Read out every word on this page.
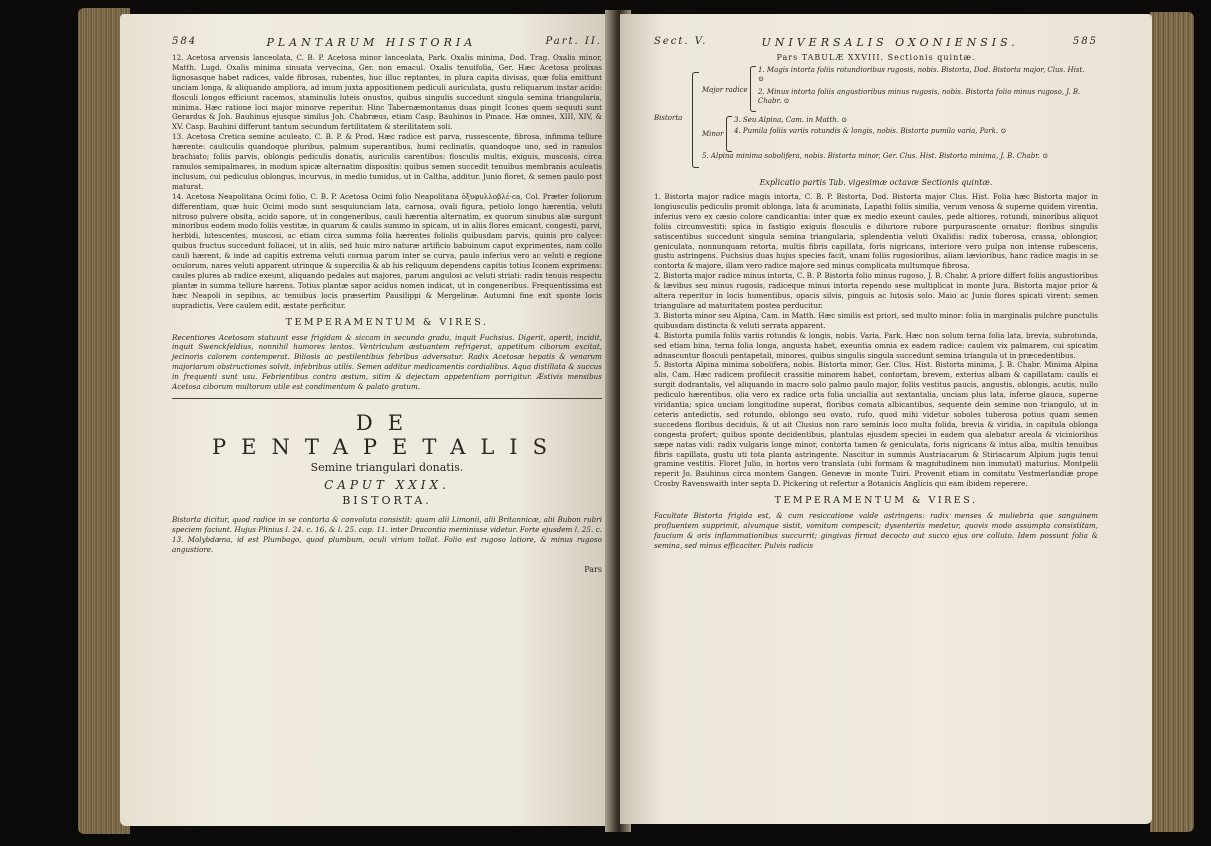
584	PLANTARUM HISTORIA	Part. II.

12. Acetosa arvensis lanceolata, C. B. P. Acetosa minor lanceolata, Park. Oxalis minima, Dod. Trag. Oxalis minor, Matth. Lugd. Oxalis minima sinuata vervecina, Ger. non emacul. Oxalis tenuifolia, Ger. Hæc Acetosa prolixas lignosasque habet radices, valde fibrosas, rubentes, huc illuc reptantes, in plura capita divisas, quæ folia emittunt unciam longa, & aliquando ampliora, ad imum juxta appositionem pediculi auriculata, gustu reliquarum instar acido: flosculi longos efficiunt racemos, staminulis luteis onustos, quibus singulis succedunt singula semina triangularia, minima. Hæc ratione loci major minorve reperitur. Hinc Tabernæmontanus duas pingit Icones quem sequuti sunt Gerardus & Joh. Bauhinus ejusque similus Joh. Chabræus, etiam Casp. Bauhinus in Pinace. Hæ omnes, XIII, XIV, & XV. Casp. Bauhini differunt tantum secundum fertilitatem & sterilitatem soli.

13. Acetosa Cretica semine aculeato, C. B. P. & Prod. Hæc radice est parva, russescente, fibrosa, infimma tellure hærente: cauliculis quandoque pluribus, palmum superantibus, humi reclinatis, quandoque uno, sed in ramulos brachiato; foliis parvis, oblongis pediculis donatis, auriculis carentibus: flosculis multis, exiguis, muscosis, circa ramulos semipalmares, in modum spicæ alternatim dispositis: quibus semen succedit tenuibus membranis aculeatis inclusum, cui pediculus oblongus, incurvus, in medio tumidus, ut in Caltha, additur. Junio floret, & semen paulo post maturat.

14. Acetosa Neapolitana Ocimi folio, C. B. P. Acetosa Ocimi folio Neapolitana ὀξυφυλλοβλέ-ca, Col. Præter foliorum differentiam, quæ huic Ocimi modo sunt sesquiunciam lata, carnosa, ovali figura, petiolo longo hærentia, veluti nitroso pulvere obsita, acido sapore, ut in congeneribus, cauli hærentia alternatim, ex quorum sinubus alæ surgunt minoribus eodem modo foliis vestitæ, in quarum & caulis summo in spicam, ut in aliis flores emicant, congesti, parvi, herbidi, lutescentes, muscosi, ac etiam circa summa folia hærentes foliolis quibusdam parvis, quinis pro calyce: quibus fructus succedunt foliacei, ut in aliis, sed huic miro naturæ artificio babuinum caput exprimentes, nam collo cauli hærent, & inde ad capitis extrema veluti cornua parum inter se curva, paulo inferius vero ac veluti e regione oculorum, nares veluti apparent utrinque & supercilia & ab his reliquum dependens capitis totius Iconem exprimens: caules plures ab radice exeunt, aliquando pedales aut majores, parum angulosi ac veluti striati: radix tenuis respectu plantæ in summa tellure hærens. Totius plantæ sapor acidus nomen indicat, ut in congeneribus. Frequentissima est hæc Neapoli in sepibus, ac tenuibus locis præsertim Pausilippi & Mergelinæ. Autumni fine exit sponte locis supradictis, Vere caulem edit, æstate perficitur.

TEMPERAMENTUM & VIRES.

Recentiores Acetosam statuunt esse frigidam & siccam in secundo gradu, inquit Fuchsius. Digerit, aperit, incidit, inquit Swenckfeldius, nonnihil humores lentos. Ventriculum æstuantem refrigerat, appetitum ciborum excitat, jecinoris calorem contemperat. Biliosis ac pestilentibus febribus adversatur. Radix Acetosæ hepatis & venarum majoriarum obstructiones solvit, infebribus utilis. Semen additur medicamentis cordialibus. Aqua distillata & succus in frequenti sunt usu. Febrientibus contra æstum, sitim & dejectam appetentiam porrigitur. Æstivis mensibus Acetosa ciborum multorum utile est condimentum & palato gratum.

DE PENTAPETALIS
Semine triangulari donatis.
CAPUT XXIX.
BISTORTA.

Bistorta dicitur, quod radice in se contorta & convoluta consistit: quam alii Limonii, alii Britannicæ, alii Bubon rubri speciem faciunt. Hujus Plinius l. 24. c. 16. & l. 25. cap. 11. inter Dracontia meminisse videtur. Forte ejusdem l. 25. c. 13. Molybdæna, id est Plumbago, quod plumbum, oculi virium tollat. Folio est rugoso latiore, & minus rugoso angustiore.

Pars
Sect. V.	UNIVERSALIS OXONIENSIS.	585
Pars TABULÆ XXVIII. Sectionis quintæ.
Bistorta
Major radice
1. Magis intorta foliis rotundioribus rugosis, nobis. Bistorta, Dod. Bistorta major, Clus. Hist. ⊙
2. Minus intorta foliis angustioribus minus rugosis, nobis. Bistorta folio minus rugoso, J. B. Chabr. ⊙
Minor
3. Seu Alpina, Cam. in Matth. ⊙
4. Pumila foliis variis rotundis & longis, nobis. Bistorta pumila varia, Park. ⊙
5. Alpina minima sobolifera, nobis. Bistorta minor, Ger. Clus. Hist. Bistorta minima, J. B. Chabr. ⊙
Explicatio partis Tab. vigesimæ octavæ Sectionis quintæ.

1. Bistorta major radice magis intorta, C. B. P. Bistorta, Dod. Bistorta major Clus. Hist. Folia hæc Bistorta major in longiusculis pediculis promit oblonga, lata & acuminata, Lapathi foliis similia, verum venosa & superne quidem virentia, inferius vero ex cæsio colore candicantia: inter quæ ex medio exeunt caules, pede altiores, rotundi, minoribus aliquot foliis circumvestiti: spica in fastigio exiguis flosculis e diluriore rubore purpurascente ornatur: floribus singulis satiscentibus succedunt singula semina triangularia, splendentia veluti Oxalidis: radix tuberosa, crassa, oblongior, geniculata, nonnunquam retorta, multis fibris capillata, foris nigricans, interiore vero pulpa non intense rubescens, gustu astringens. Fuchsius duas hujus species facit, unam foliis rugosioribus, aliam lævioribus, hanc radice magis in se contorta & majore, illam vero radice majore sed minus complicata multumque fibrosa.

2. Bistorta major radice minus intorta, C. B. P. Bistorta folio minus rugoso, J. B. Chabr. A priore differt foliis angustioribus & lævibus seu minus rugosis, radiceque minus intorta rependo sese multiplicat in monte Jura. Bistorta major prior & altera reperitur in locis humentibus, opacis silvis, pinguis ac lutosis solo. Maio ac Junio flores spicati virent: semen triangulare ad maturitatem postea perducitur.

3. Bistorta minor seu Alpina, Cam. in Matth. Hæc similis est priori, sed multo minor: folia in marginalis pulchre punctulis quibusdam distincta & veluti serrata apparent.

4. Bistorta pumila foliis variis rotundis & longis, nobis. Varia, Park. Hæc non solum terna folia lata, brevia, subrotunda, sed etiam bina, terna folia longa, angusta habet, exeuntia omnia ex eadem radice: caulem vix palmarem, cui spicatim adnascuntur flosculi pentapetali, minores, quibus singulis singula succedunt semina triangula ut in præcedentibus.

5. Bistorta Alpina minima sobolifera, nobis. Bistorta minor, Ger. Clus. Hist. Bistorta minima, J. B. Chabr. Minima Alpina alis, Cam. Hæc radicem profilecit crassitie minorem habet, contortam, brevem, exterius albam & capillatam: caulis ei surgit dodrantalis, vel aliquando in macro solo palmo paulo major, foliis vestitus paucis, angustis, oblongis, acutis, nullo pediculo hærentibus, olia vero ex radice orta folia unciallia aut sextantalia, unciam plus lata, inferne glauca, superne viridantia; spica unciam longitudine superat, floribus comata albicantibus, sequente dein semine non triangulo, ut in ceteris antedictis, sed rotundo, oblongo seu ovato, rufo, quod mihi videtur soboles tuberosa potius quam semen succedens floribus deciduis, & ut ait Clusius non raro seminis loco multa folida, brevia & viridia, in capitula oblonga congesta profert; quibus sponte decidentibus, plantulas ejusdem speciei in eadem qua alebatur areola & vicinioribus sæpe natas vidi: radix vulgaris longe minor, contorta tamen & geniculata, foris nigricans & intus alba, multis tenuibus fibris capillata, gustu uti tota planta astringente. Nascitur in summis Austriacarum & Stiriacarum Alpium jugis tenui gramine vestitis. Floret Julio, in hortos vero translata (ubi formam & magnitudinem non immutat) maturius. Montpelii reperit Jo. Bauhinus circa montem Gangen. Genevæ in monte Tuiri. Provenit etiam in comitatu Vestmerlandiæ prope Crosby Ravenswaith inter septa D. Pickering ut refertur a Botanicis Anglicis qui eam ibidem reperere.

TEMPERAMENTUM & VIRES.

Facultate Bistorta frigida est, & cum resiccatione valde astringens: radix menses & muliebria que sanguinem profluentem supprimit, alvumque sistit, vomitum compescit; dysenteriis medetur, quovis modo assumpta consistitam, faucium & oris inflammationibus succurrit; gingivas firmat decocto aut succo ejus ore colluto. Idem possunt folia & semina, sed minus efficaciter. Pulvis radicis
